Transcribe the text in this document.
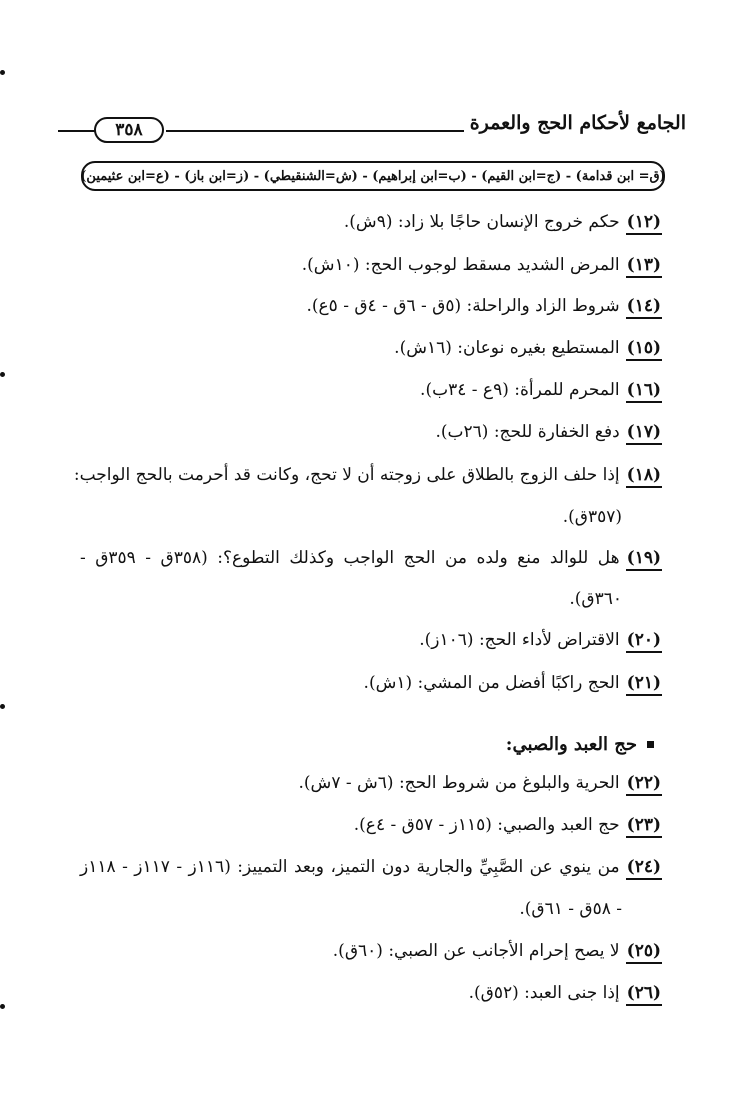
الجامع لأحكام الحج والعمرة
٣٥٨
(ق= ابن قدامة) - (ج=ابن القيم) - (ب=ابن إبراهيم) - (ش=الشنقيطي) - (ز=ابن باز) - (ع=ابن عثيمين)
(١٢)حكم خروج الإنسان حاجًا بلا زاد: (٩ش).
(١٣)المرض الشديد مسقط لوجوب الحج: (١٠ش).
(١٤)شروط الزاد والراحلة: (٥ق - ٦ق - ٤ق - ٥ع).
(١٥)المستطيع بغيره نوعان: (١٦ش).
(١٦)المحرم للمرأة: (٩ع - ٣٤ب).
(١٧)دفع الخفارة للحج: (٢٦ب).
(١٨)إذا حلف الزوج بالطلاق على زوجته أن لا تحج، وكانت قد أحرمت بالحج الواجب:
(٣٥٧ق).
(١٩)هل للوالد منع ولده من الحج الواجب وكذلك التطوع؟: (٣٥٨ق - ٣٥٩ق -
٣٦٠ق).
(٢٠)الاقتراض لأداء الحج: (١٠٦ز).
(٢١)الحج راكبًا أفضل من المشي: (١ش).
حج العبد والصبي:
(٢٢)الحرية والبلوغ من شروط الحج: (٦ش - ٧ش).
(٢٣)حج العبد والصبي: (١١٥ز - ٥٧ق - ٤ع).
(٢٤)من ينوي عن الصَّبِيِّ والجارية دون التميز، وبعد التمييز: (١١٦ز - ١١٧ز - ١١٨ز
- ٥٨ق - ٦١ق).
(٢٥)لا يصح إحرام الأجانب عن الصبي: (٦٠ق).
(٢٦)إذا جنى العبد: (٥٢ق).
